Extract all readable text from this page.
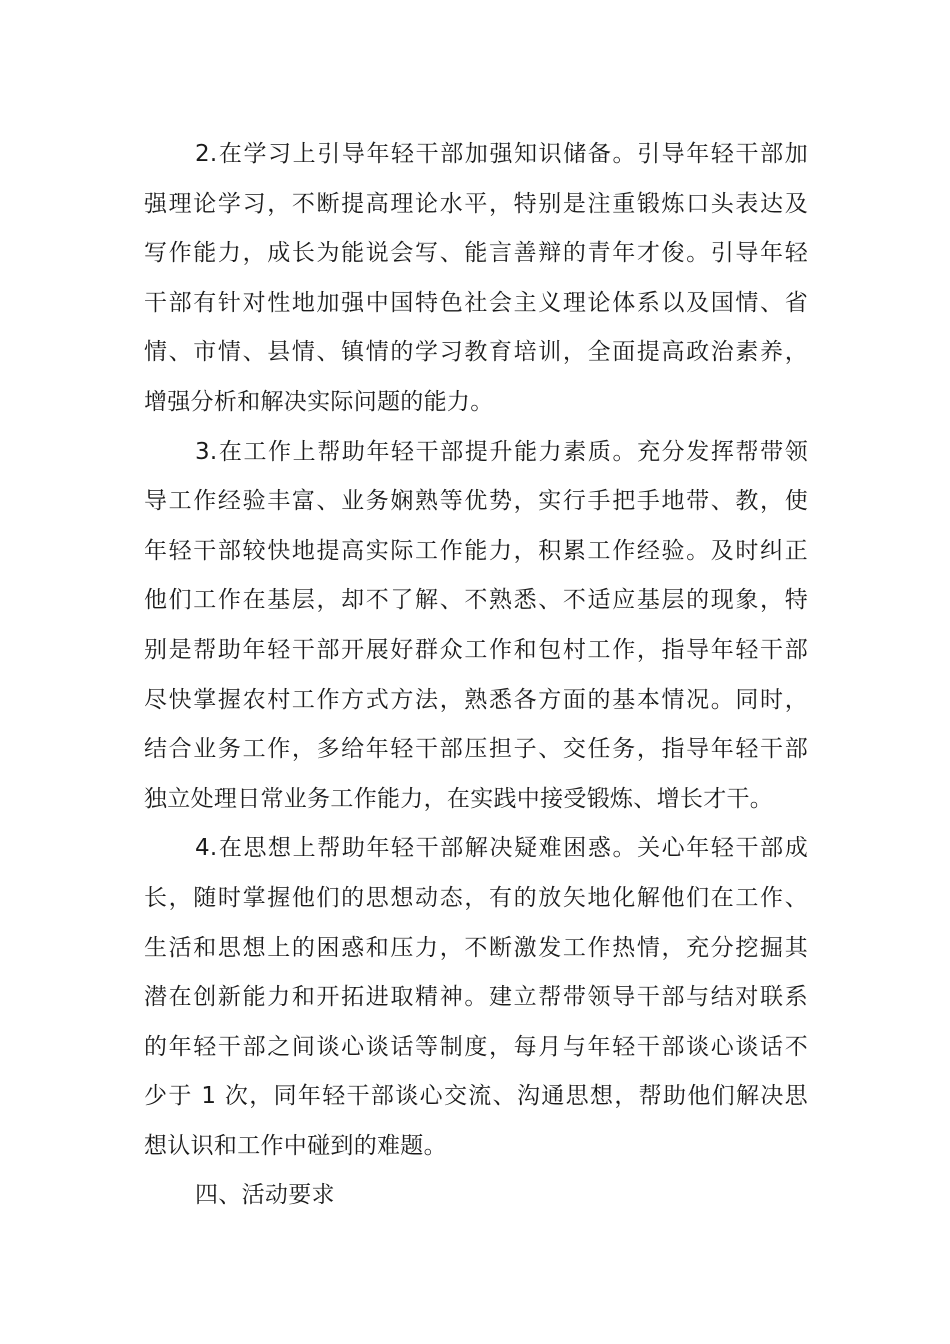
2.在学习上引导年轻干部加强知识储备。引导年轻干部加
强理论学习，不断提高理论水平，特别是注重锻炼口头表达及
写作能力，成长为能说会写、能言善辩的青年才俊。引导年轻
干部有针对性地加强中国特色社会主义理论体系以及国情、省
情、市情、县情、镇情的学习教育培训，全面提高政治素养，
增强分析和解决实际问题的能力。
3.在工作上帮助年轻干部提升能力素质。充分发挥帮带领
导工作经验丰富、业务娴熟等优势，实行手把手地带、教，使
年轻干部较快地提高实际工作能力，积累工作经验。及时纠正
他们工作在基层，却不了解、不熟悉、不适应基层的现象，特
别是帮助年轻干部开展好群众工作和包村工作，指导年轻干部
尽快掌握农村工作方式方法，熟悉各方面的基本情况。同时，
结合业务工作，多给年轻干部压担子、交任务，指导年轻干部
独立处理日常业务工作能力，在实践中接受锻炼、增长才干。
4.在思想上帮助年轻干部解决疑难困惑。关心年轻干部成
长，随时掌握他们的思想动态，有的放矢地化解他们在工作、
生活和思想上的困惑和压力，不断激发工作热情，充分挖掘其
潜在创新能力和开拓进取精神。建立帮带领导干部与结对联系
的年轻干部之间谈心谈话等制度，每月与年轻干部谈心谈话不
少于 1 次，同年轻干部谈心交流、沟通思想，帮助他们解决思
想认识和工作中碰到的难题。
四、活动要求
